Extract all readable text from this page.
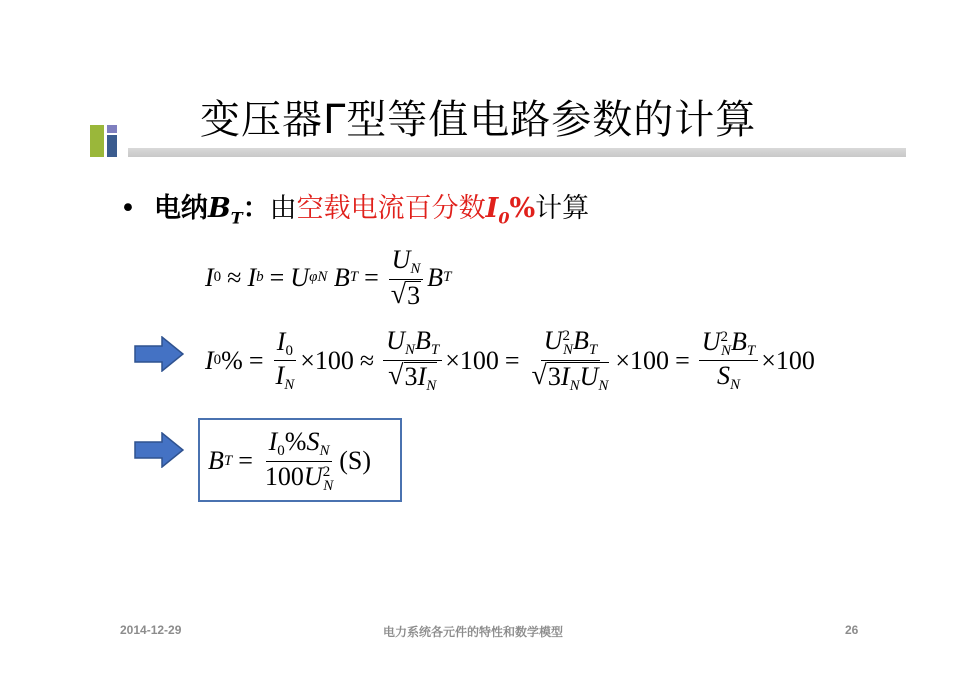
变压器Γ型等值电路参数的计算
• 电纳$B_T$：由空载电流百分数$I_0\%$计算
I 0 ≈ I b = U φN B $T = \frac{UN}{√ 3}$ B T
I 0 % = $\frac{I0}{IN} \times 100 \approx \frac{\text{UNBT}}{√ 3IN} \times 100 = \frac{U^2NBT}{\text{√ 3INUN}} \times 100 = \frac{U^2NBT}{SN} \times 100$
B $T = \frac{I0\%SN}{100U^2N} (S)$
2014-12-29	电力系统各元件的特性和数学模型	26
